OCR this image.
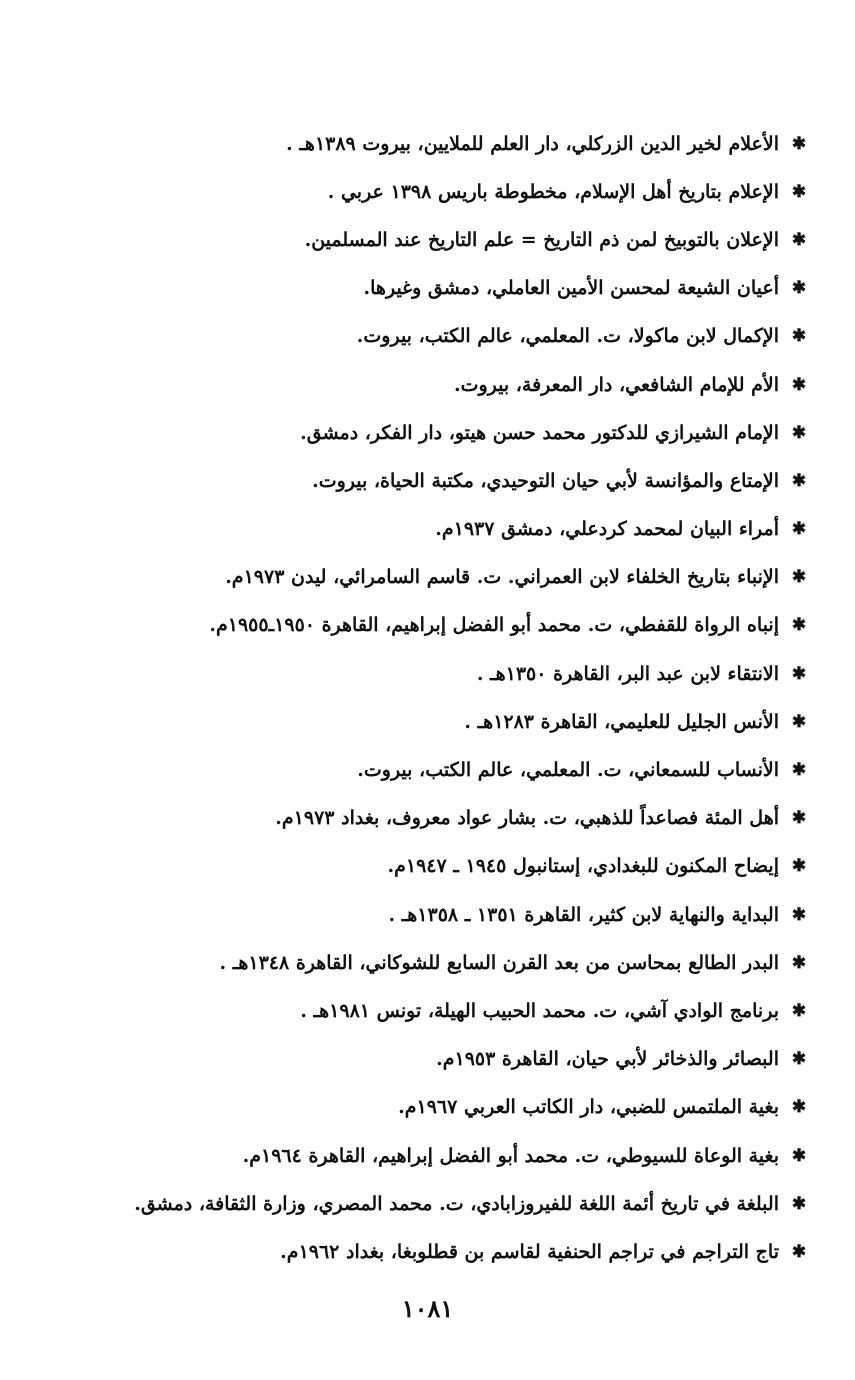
✱
الأعلام لخير الدين الزركلي، دار العلم للملايين، بيروت ١٣٨٩هـ .
✱
الإعلام بتاريخ أهل الإسلام، مخطوطة باريس ١٣٩٨ عربي .
✱
الإعلان بالتوبيخ لمن ذم التاريخ = علم التاريخ عند المسلمين.
✱
أعيان الشيعة لمحسن الأمين العاملي، دمشق وغيرها.
✱
الإكمال لابن ماكولا، ت. المعلمي، عالم الكتب، بيروت.
✱
الأم للإمام الشافعي، دار المعرفة، بيروت.
✱
الإمام الشيرازي للدكتور محمد حسن هيتو، دار الفكر، دمشق.
✱
الإمتاع والمؤانسة لأبي حيان التوحيدي، مكتبة الحياة، بيروت.
✱
أمراء البيان لمحمد كردعلي، دمشق ١٩٣٧م.
✱
الإنباء بتاريخ الخلفاء لابن العمراني. ت. قاسم السامرائي، ليدن ١٩٧٣م.
✱
إنباه الرواة للقفطي، ت. محمد أبو الفضل إبراهيم، القاهرة ١٩٥٠ـ١٩٥٥م.
✱
الانتقاء لابن عبد البر، القاهرة ١٣٥٠هـ .
✱
الأنس الجليل للعليمي، القاهرة ١٢٨٣هـ .
✱
الأنساب للسمعاني، ت. المعلمي، عالم الكتب، بيروت.
✱
أهل المئة فصاعداً للذهبي، ت. بشار عواد معروف، بغداد ١٩٧٣م.
✱
إيضاح المكنون للبغدادي، إستانبول ١٩٤٥ ـ ١٩٤٧م.
✱
البداية والنهاية لابن كثير، القاهرة ١٣٥١ ـ ١٣٥٨هـ .
✱
البدر الطالع بمحاسن من بعد القرن السابع للشوكاني، القاهرة ١٣٤٨هـ .
✱
برنامج الوادي آشي، ت. محمد الحبيب الهيلة، تونس ١٩٨١هـ .
✱
البصائر والذخائر لأبي حيان، القاهرة ١٩٥٣م.
✱
بغية الملتمس للضبي، دار الكاتب العربي ١٩٦٧م.
✱
بغية الوعاة للسيوطي، ت. محمد أبو الفضل إبراهيم، القاهرة ١٩٦٤م.
✱
البلغة في تاريخ أئمة اللغة للفيروزابادي، ت. محمد المصري، وزارة الثقافة، دمشق.
✱
تاج التراجم في تراجم الحنفية لقاسم بن قطلوبغا، بغداد ١٩٦٢م.
١٠٨١
